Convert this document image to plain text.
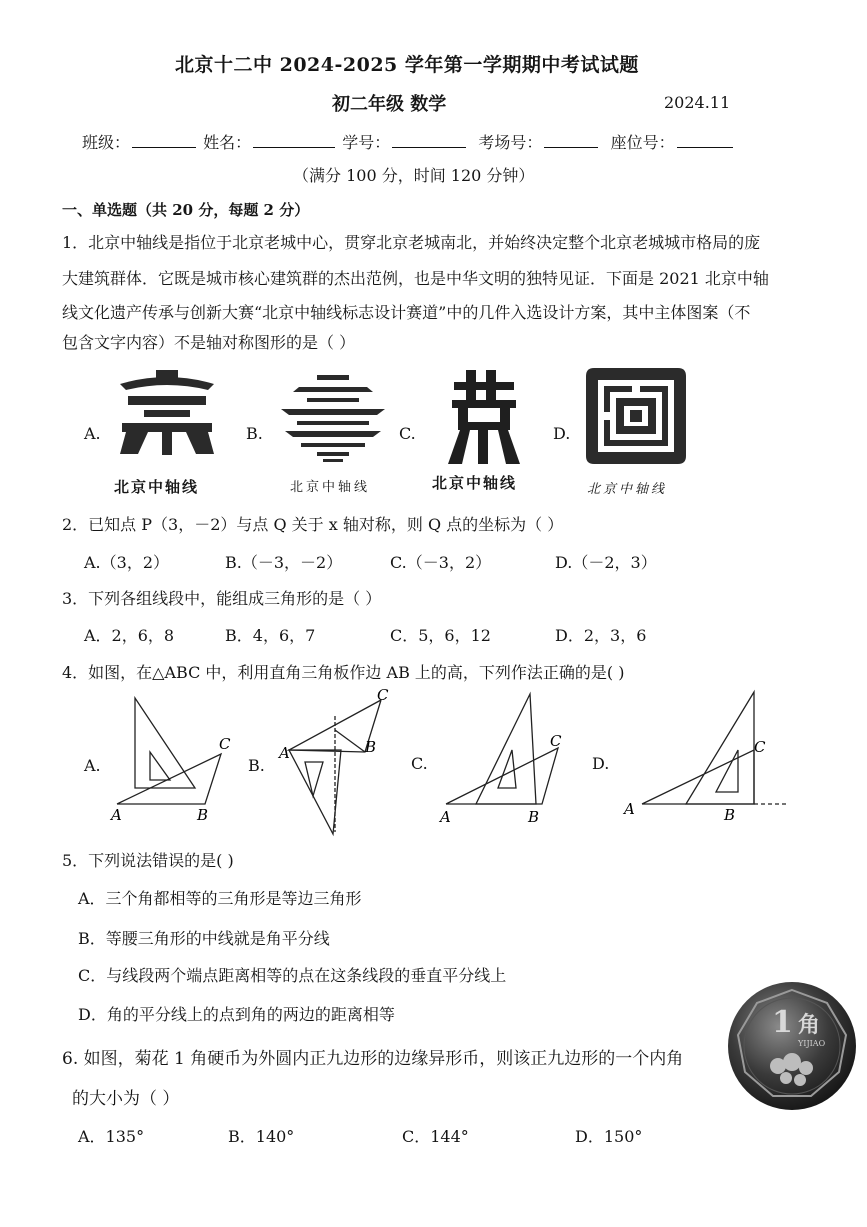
北京十二中 2024-2025 学年第一学期期中考试试题
初二年级 数学	2024.11
班级：	姓名：	学号：	考场号：	座位号：
（满分 100 分，时间 120 分钟）
一、单选题（共 20 分，每题 2 分）
1．北京中轴线是指位于北京老城中心，贯穿北京老城南北，并始终决定整个北京老城城市格局的庞
大建筑群体．它既是城市核心建筑群的杰出范例，也是中华文明的独特见证．下面是 2021 北京中轴
线文化遗产传承与创新大赛“北京中轴线标志设计赛道”中的几件入选设计方案，其中主体图案（不
包含文字内容）不是轴对称图形的是（ ）
A.	B.	C.	D.
北京中轴线	北京中轴线	北京中轴线	北京中轴线
2．已知点 P（3，－2）与点 Q 关于 x 轴对称，则 Q 点的坐标为（ ）
A.（3，2）	B.（－3，－2）	C.（－3，2）	D.（－2，3）
3．下列各组线段中，能组成三角形的是（ ）
A．2，6，8	B．4，6，7	C．5，6，12	D．2，3，6
4．如图，在△ABC 中，利用直角三角板作边 AB 上的高，下列作法正确的是( )
A.	B.	C.	D.
A	B
C	A	B
C
A	B
C
A	B
C
5．下列说法错误的是( )
A．三个角都相等的三角形是等边三角形
B．等腰三角形的中线就是角平分线
C．与线段两个端点距离相等的点在这条线段的垂直平分线上
D．角的平分线上的点到角的两边的距离相等
6. 如图，菊花 1 角硬币为外圆内正九边形的边缘异形币，则该正九边形的一个内角
的大小为（ ）
A．135°	B．140°	C．144°	D．150°
1 角
YIJIAO
